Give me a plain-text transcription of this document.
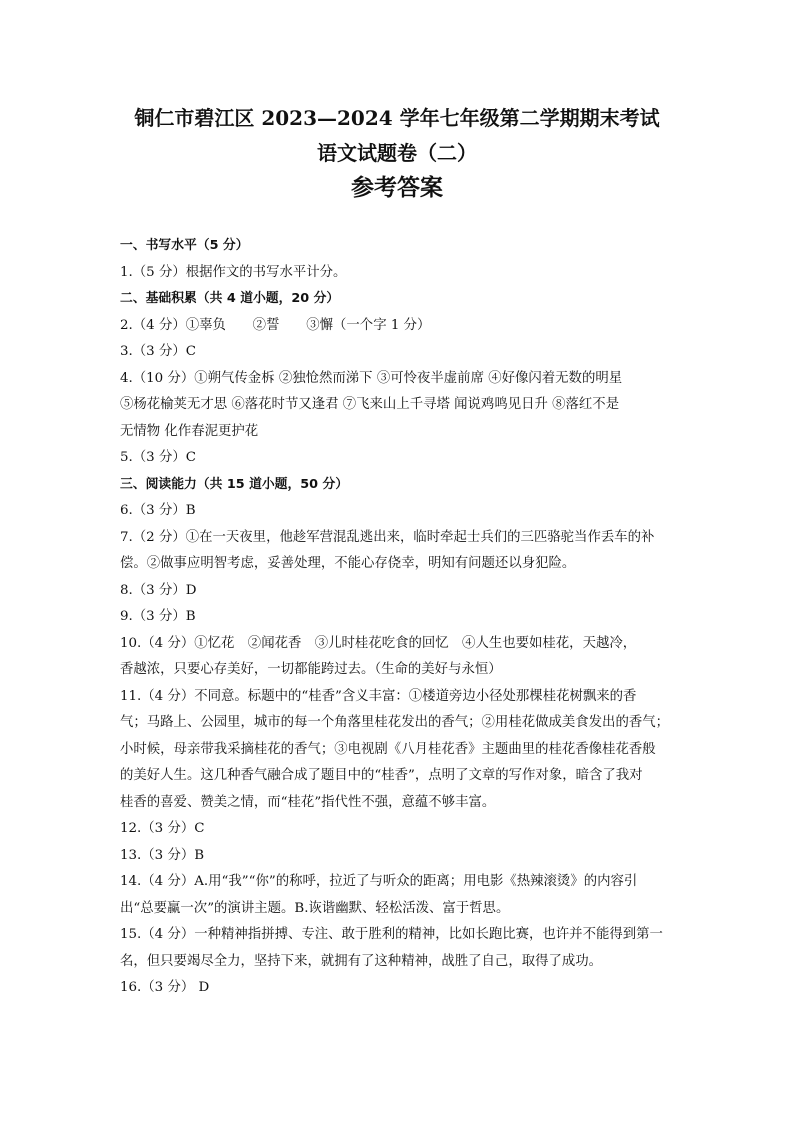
铜仁市碧江区 2023—2024 学年七年级第二学期期末考试
语文试题卷（二）
参考答案
一、书写水平（5 分）
1.（5 分）根据作文的书写水平计分。
二、基础积累（共 4 道小题，20 分）
2.（4 分）①辜负　　②誓　　③懈（一个字 1 分）
3.（3 分）C
4.（10 分）①朔气传金柝 ②独怆然而涕下 ③可怜夜半虚前席 ④好像闪着无数的明星
⑤杨花榆荚无才思 ⑥落花时节又逢君 ⑦飞来山上千寻塔 闻说鸡鸣见日升 ⑧落红不是
无情物 化作春泥更护花
5.（3 分）C
三、阅读能力（共 15 道小题，50 分）
6.（3 分）B
7.（2 分）①在一天夜里，他趁军营混乱逃出来，临时牵起士兵们的三匹骆驼当作丢车的补
偿。②做事应明智考虑，妥善处理，不能心存侥幸，明知有问题还以身犯险。
8.（3 分）D
9.（3 分）B
10.（4 分）①忆花　②闻花香　③儿时桂花吃食的回忆　④人生也要如桂花，天越冷，
香越浓，只要心存美好，一切都能跨过去。（生命的美好与永恒）
11.（4 分）不同意。标题中的“桂香”含义丰富：①楼道旁边小径处那棵桂花树飘来的香
气；马路上、公园里，城市的每一个角落里桂花发出的香气；②用桂花做成美食发出的香气；
小时候，母亲带我采摘桂花的香气；③电视剧《八月桂花香》主题曲里的桂花香像桂花香般
的美好人生。这几种香气融合成了题目中的“桂香”，点明了文章的写作对象，暗含了我对
桂香的喜爱、赞美之情，而“桂花”指代性不强，意蕴不够丰富。
12.（3 分）C
13.（3 分）B
14.（4 分）A.用“我”“你”的称呼，拉近了与听众的距离；用电影《热辣滚烫》的内容引
出“总要赢一次”的演讲主题。B.诙谐幽默、轻松活泼、富于哲思。
15.（4 分）一种精神指拼搏、专注、敢于胜利的精神，比如长跑比赛，也许并不能得到第一
名，但只要竭尽全力，坚持下来，就拥有了这种精神，战胜了自己，取得了成功。
16.（3 分） D
